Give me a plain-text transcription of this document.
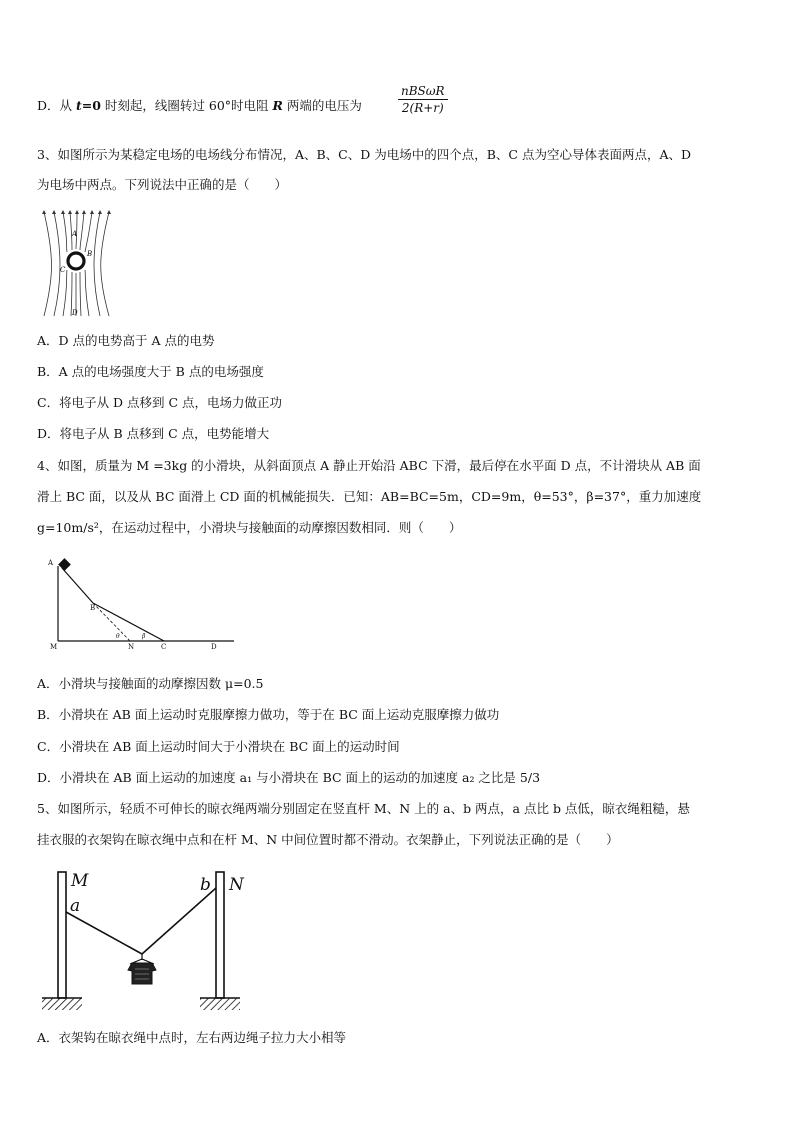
D．从 t=0 时刻起，线圈转过 60°时电阻 R 两端的电压为
nBSωR
2(R+r)
3、如图所示为某稳定电场的电场线分布情况，A、B、C、D 为电场中的四个点，B、C 点为空心导体表面两点，A、D
为电场中两点。下列说法中正确的是（　　）
A
B
C
D
A．D 点的电势高于 A 点的电势
B．A 点的电场强度大于 B 点的电场强度
C．将电子从 D 点移到 C 点，电场力做正功
D．将电子从 B 点移到 C 点，电势能增大
4、如图，质量为 M =3kg 的小滑块，从斜面顶点 A 静止开始沿 ABC 下滑，最后停在水平面 D 点，不计滑块从 AB 面
滑上 BC 面，以及从 BC 面滑上 CD 面的机械能损失．已知：AB=BC=5m，CD=9m，θ=53°，β=37°，重力加速度
g=10m/s²，在运动过程中，小滑块与接触面的动摩擦因数相同．则（　　）
A
B
M	N	C	D
θ	β
A．小滑块与接触面的动摩擦因数 μ=0.5
B．小滑块在 AB 面上运动时克服摩擦力做功，等于在 BC 面上运动克服摩擦力做功
C．小滑块在 AB 面上运动时间大于小滑块在 BC 面上的运动时间
D．小滑块在 AB 面上运动的加速度 a₁ 与小滑块在 BC 面上的运动的加速度 a₂ 之比是 5/3
5、如图所示，轻质不可伸长的晾衣绳两端分别固定在竖直杆 M、N 上的 a、b 两点，a 点比 b 点低，晾衣绳粗糙，悬
挂衣服的衣架钩在晾衣绳中点和在杆 M、N 中间位置时都不滑动。衣架静止，下列说法正确的是（　　）
M
a
b N
A．衣架钩在晾衣绳中点时，左右两边绳子拉力大小相等
